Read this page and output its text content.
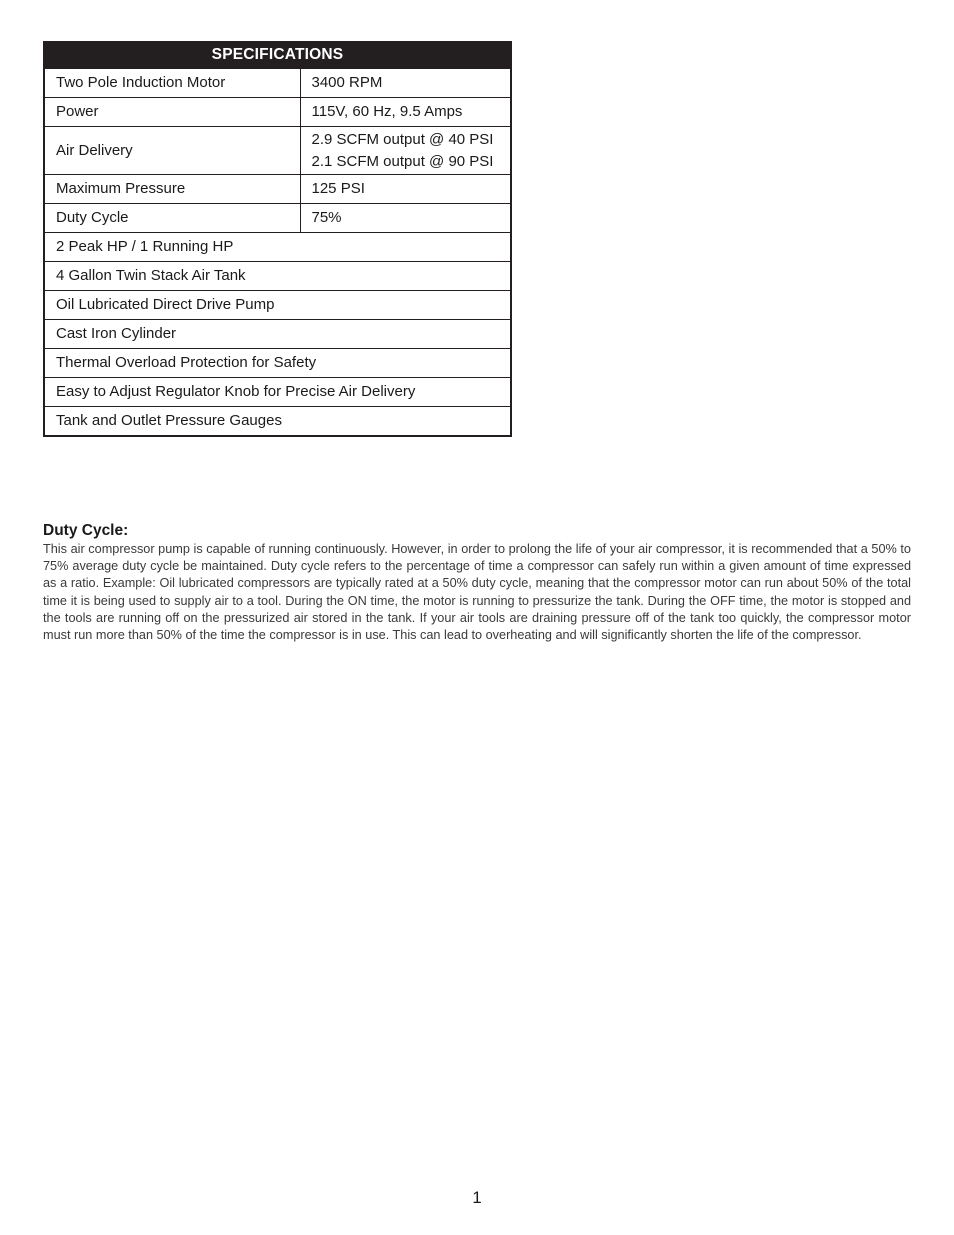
SPECIFICATIONS	
Two Pole Induction Motor	3400 RPM

Power	115V, 60 Hz, 9.5 Amps

Air Delivery	2.9 SCFM output @ 40 PSI
2.1 SCFM output @ 90 PSI

Maximum Pressure	125 PSI

Duty Cycle	75%

2 Peak HP / 1 Running HP	
4 Gallon Twin Stack Air Tank	
Oil Lubricated Direct Drive Pump	
Cast Iron Cylinder	
Thermal Overload Protection for Safety	
Easy to Adjust Regulator Knob for Precise Air Delivery	
Tank and Outlet Pressure Gauges	
Duty Cycle:

This air compressor pump is capable of running continuously. However, in order to prolong the life of your air compressor, it is recommended that a 50% to 75% average duty cycle be maintained. Duty cycle refers to the percentage of time a compressor can safely run within a given amount of time expressed as a ratio. Example: Oil lubricated compressors are typically rated at a 50% duty cycle, meaning that the compressor motor can run about 50% of the total time it is being used to supply air to a tool. During the ON time, the motor is running to pressurize the tank. During the OFF time, the motor is stopped and the tools are running off on the pressurized air stored in the tank. If your air tools are draining pressure off of the tank too quickly, the compressor motor must run more than 50% of the time the compressor is in use. This can lead to overheating and will significantly shorten the life of the compressor.

1
